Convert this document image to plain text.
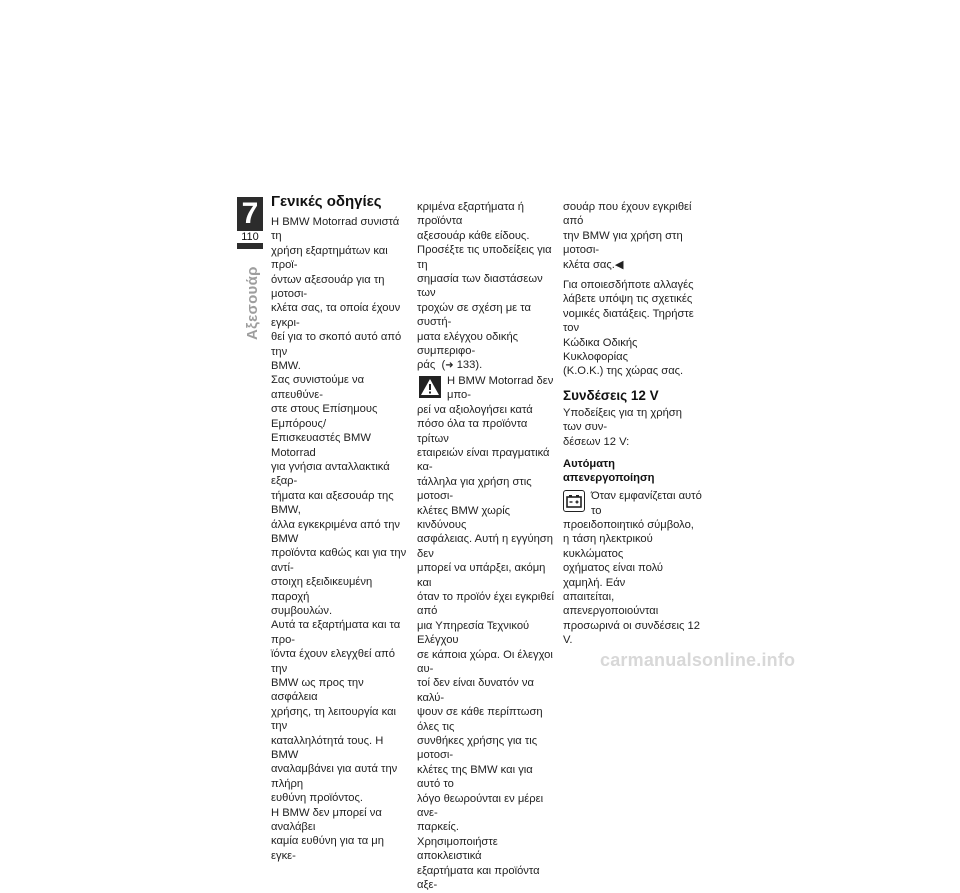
7
110
Αξεσουάρ
Γενικές οδηγίες
Η BMW Motorrad συνιστά τη
χρήση εξαρτημάτων και προϊ-
όντων αξεσουάρ για τη μοτοσι-
κλέτα σας, τα οποία έχουν εγκρι-
θεί για το σκοπό αυτό από την
BMW.
Σας συνιστούμε να απευθύνε-
στε στους Επίσημους Εμπόρους/
Επισκευαστές BMW Motorrad
για γνήσια ανταλλακτικά εξαρ-
τήματα και αξεσουάρ της BMW,
άλλα εγκεκριμένα από την BMW
προϊόντα καθώς και για την αντί-
στοιχη εξειδικευμένη παροχή
συμβουλών.
Αυτά τα εξαρτήματα και τα προ-
ϊόντα έχουν ελεγχθεί από την
BMW ως προς την ασφάλεια
χρήσης, τη λειτουργία και την
καταλληλότητά τους. Η BMW
αναλαμβάνει για αυτά την πλήρη
ευθύνη προϊόντος.
Η BMW δεν μπορεί να αναλάβει
καμία ευθύνη για τα μη εγκε-
κριμένα εξαρτήματα ή προϊόντα
αξεσουάρ κάθε είδους.
Προσέξτε τις υποδείξεις για τη
σημασία των διαστάσεων των
τροχών σε σχέση με τα συστή-
ματα ελέγχου οδικής συμπεριφο-
ράς (➜ 133).
Η BMW Motorrad δεν μπο-
ρεί να αξιολογήσει κατά
πόσο όλα τα προϊόντα τρίτων
εταιρειών είναι πραγματικά κα-
τάλληλα για χρήση στις μοτοσι-
κλέτες BMW χωρίς κινδύνους
ασφάλειας. Αυτή η εγγύηση δεν
μπορεί να υπάρξει, ακόμη και
όταν το προϊόν έχει εγκριθεί από
μια Υπηρεσία Τεχνικού Ελέγχου
σε κάποια χώρα. Οι έλεγχοι αυ-
τοί δεν είναι δυνατόν να καλύ-
ψουν σε κάθε περίπτωση όλες τις
συνθήκες χρήσης για τις μοτοσι-
κλέτες της BMW και για αυτό το
λόγο θεωρούνται εν μέρει ανε-
παρκείς.
Χρησιμοποιήστε αποκλειστικά
εξαρτήματα και προϊόντα αξε-
σουάρ που έχουν εγκριθεί από
την BMW για χρήση στη μοτοσι-
κλέτα σας.◀
Για οποιεσδήποτε αλλαγές
λάβετε υπόψη τις σχετικές
νομικές διατάξεις. Τηρήστε τον
Κώδικα Οδικής Κυκλοφορίας
(Κ.Ο.Κ.) της χώρας σας.
Συνδέσεις 12 V
Υποδείξεις για τη χρήση των συν-
δέσεων 12 V:
Αυτόματη απενεργοποίηση
Όταν εμφανίζεται αυτό το
προειδοποιητικό σύμβολο,
η τάση ηλεκτρικού κυκλώματος
οχήματος είναι πολύ χαμηλή. Εάν
απαιτείται, απενεργοποιούνται
προσωρινά οι συνδέσεις 12 V.
carmanualsonline.info
